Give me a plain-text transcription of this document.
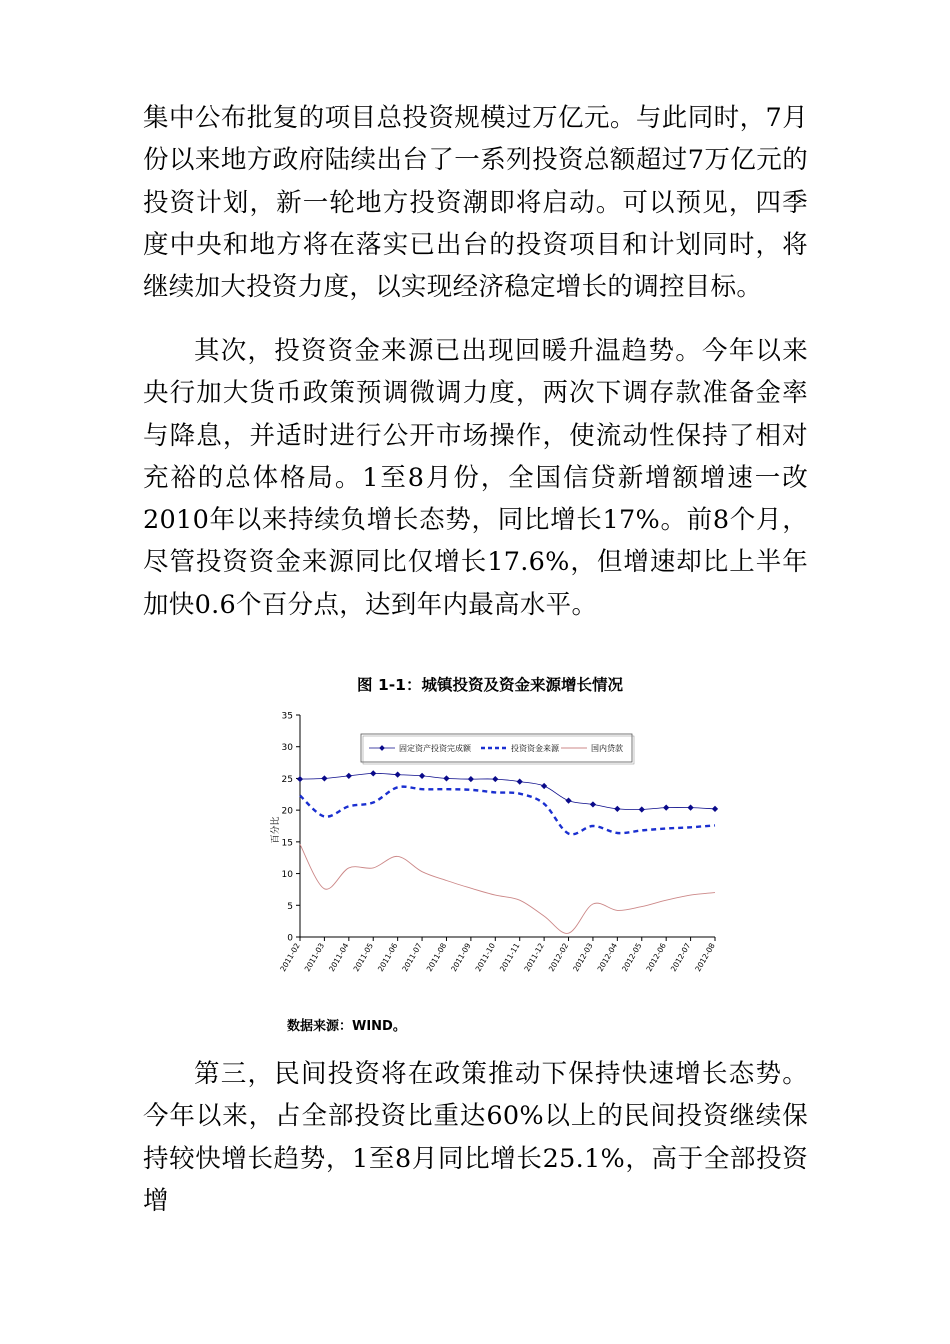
集中公布批复的项目总投资规模过万亿元。与此同时，7月份以来地方政府陆续出台了一系列投资总额超过7万亿元的投资计划，新一轮地方投资潮即将启动。可以预见，四季度中央和地方将在落实已出台的投资项目和计划同时，将继续加大投资力度，以实现经济稳定增长的调控目标。

其次，投资资金来源已出现回暖升温趋势。今年以来央行加大货币政策预调微调力度，两次下调存款准备金率与降息，并适时进行公开市场操作，使流动性保持了相对充裕的总体格局。1至8月份，全国信贷新增额增速一改2010年以来持续负增长态势，同比增长17%。前8个月，尽管投资资金来源同比仅增长17.6%，但增速却比上半年加快0.6个百分点，达到年内最高水平。

图 1-1：城镇投资及资金来源增长情况
0
5
10
15
20
25
30
35
2011-02 2011-03 2011-04 2011-05 2011-06 2011-07 2011-08 2011-09 2011-10 2011-11 2011-12 2012-02 2012-03 2012-04 2012-05 2012-06 2012-07 2012-08
百分比
固定资产投资完成额	投资资金来源	国内贷款
数据来源：WIND。

第三，民间投资将在政策推动下保持快速增长态势。今年以来，占全部投资比重达60%以上的民间投资继续保持较快增长趋势，1至8月同比增长25.1%，高于全部投资增
